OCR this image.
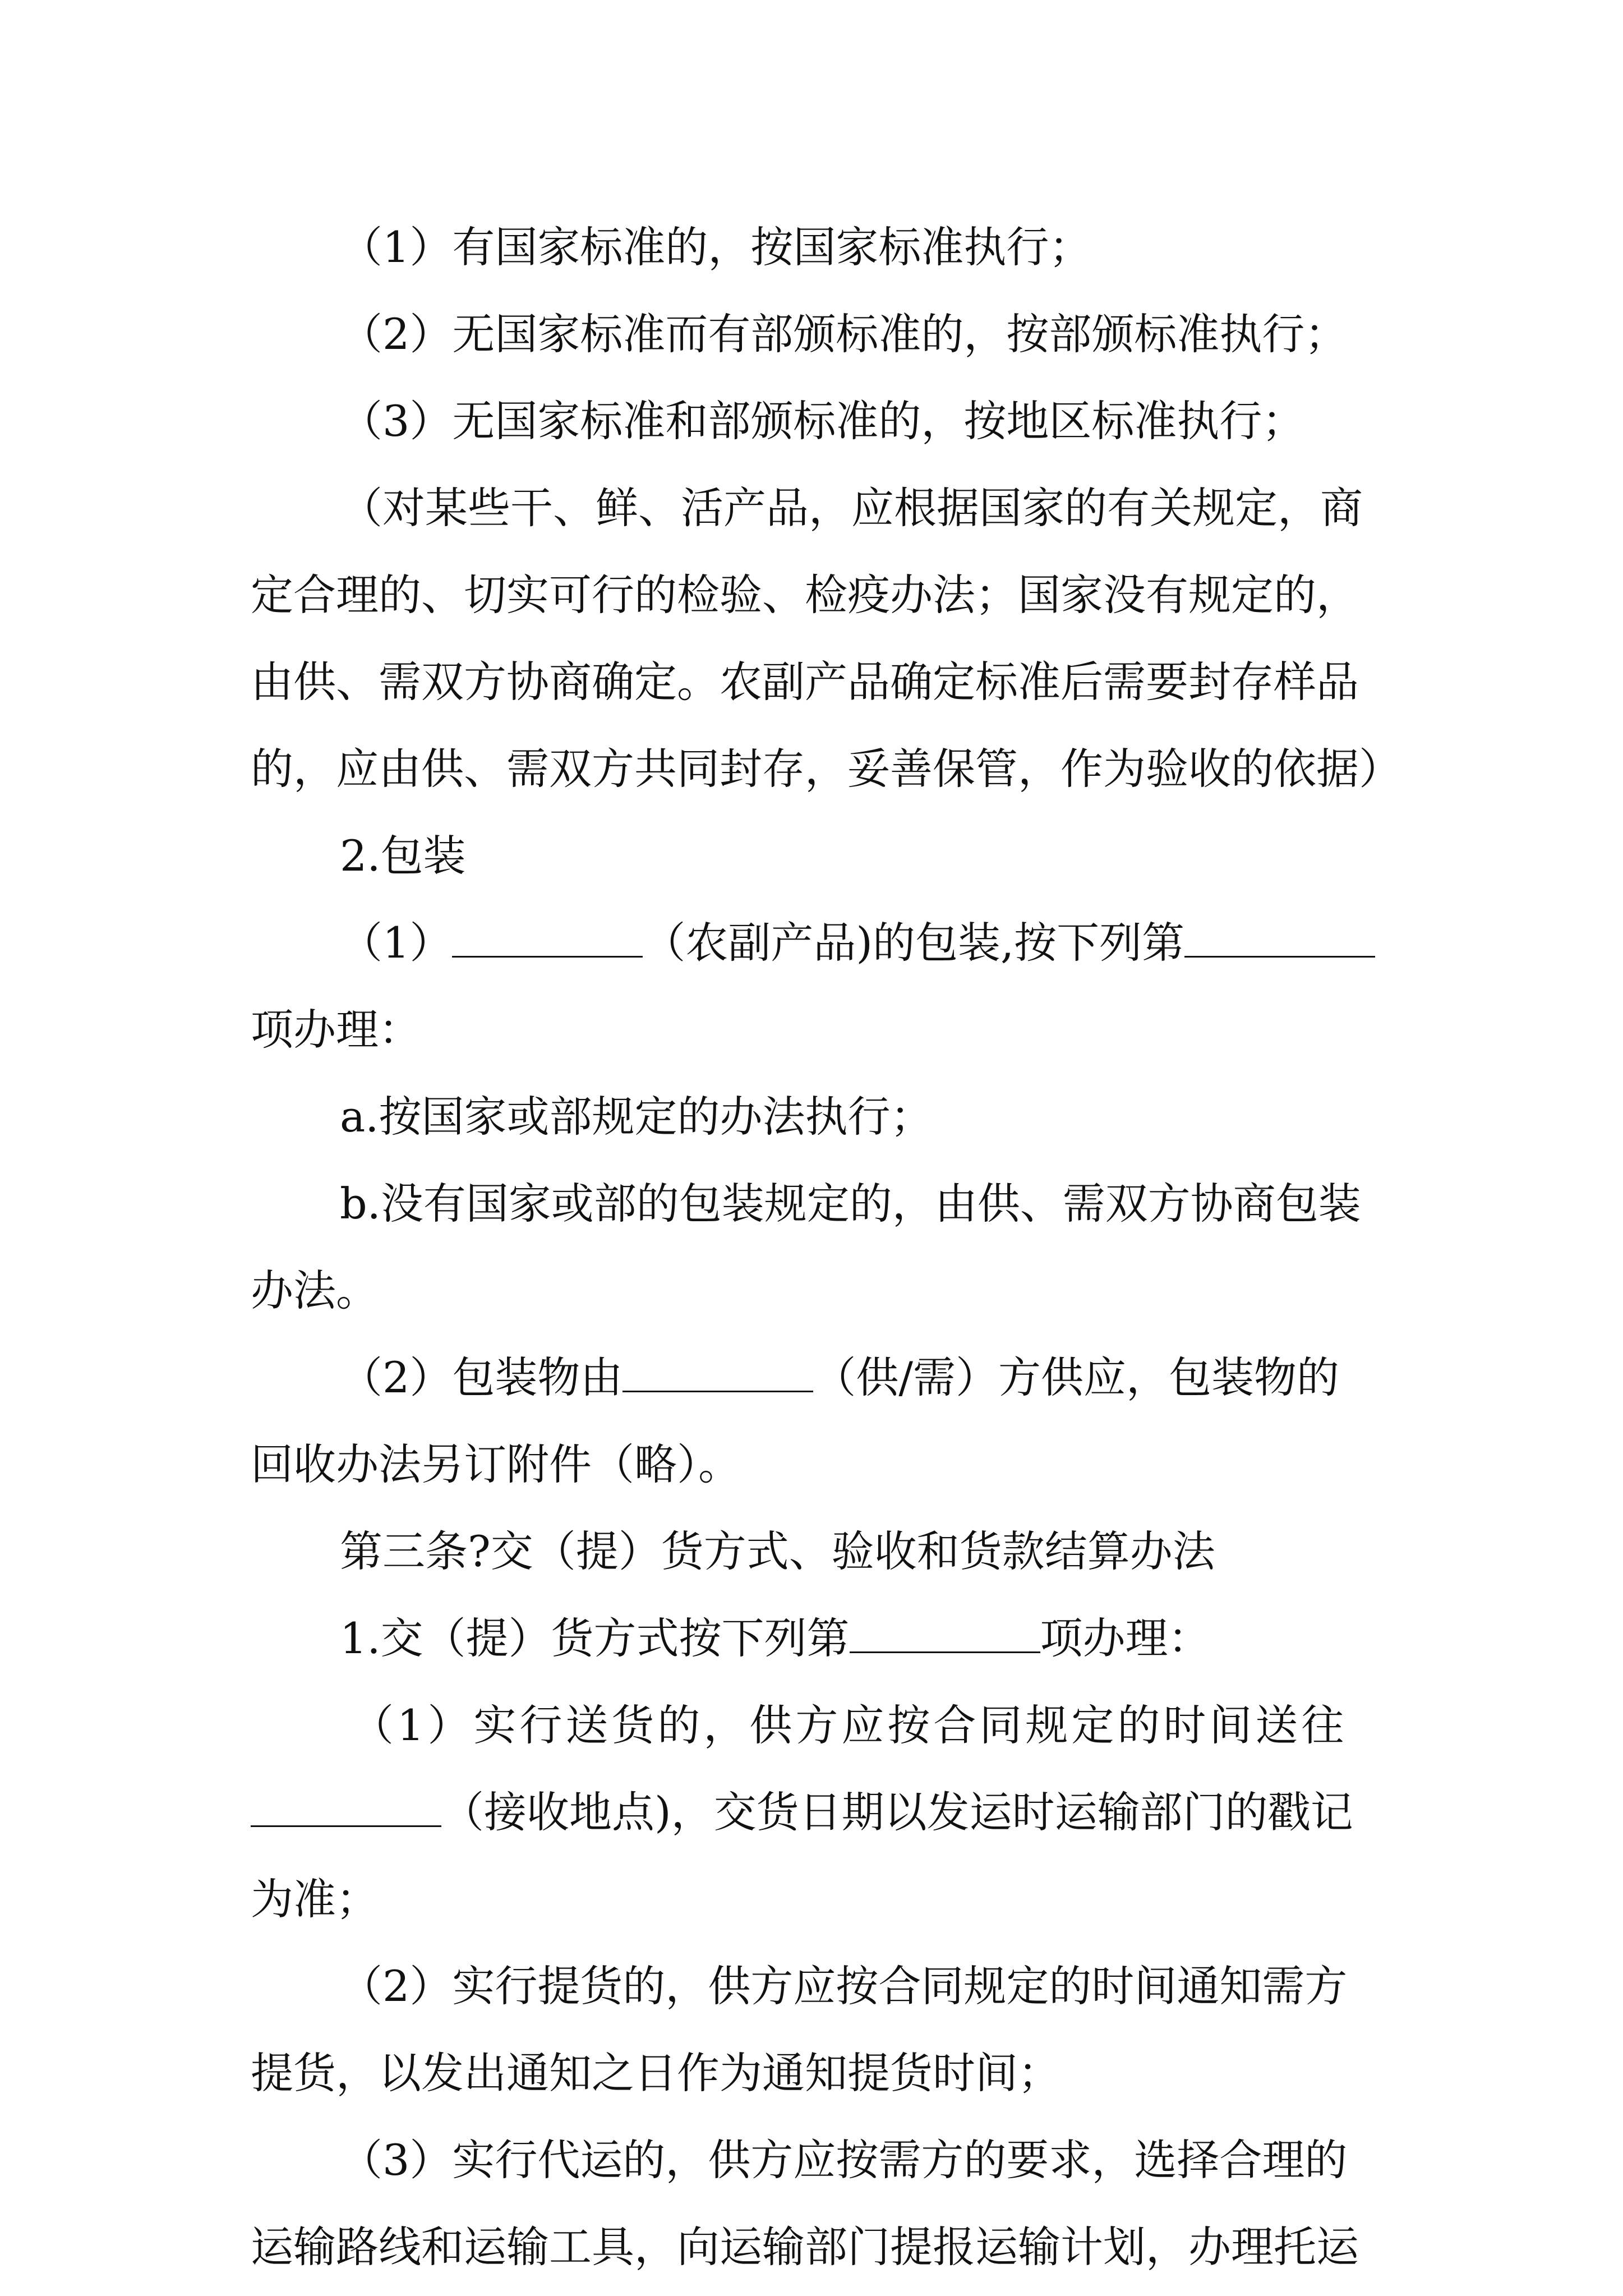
（1）有国家标准的，按国家标准执行；

（2）无国家标准而有部颁标准的，按部颁标准执行；

（3）无国家标准和部颁标准的，按地区标准执行；

（对某些干、鲜、活产品，应根据国家的有关规定，商

定合理的、切实可行的检验、检疫办法；国家没有规定的，

由供、需双方协商确定。农副产品确定标准后需要封存样品

的，应由供、需双方共同封存，妥善保管，作为验收的依据）

2.包装

（1）	（农副产品)的包装,按下列第

项办理：

a.按国家或部规定的办法执行；

b.没有国家或部的包装规定的，由供、需双方协商包装

办法。

（2）包装物由	（供/需）方供应，包装物的

回收办法另订附件（略）。

第三条?交（提）货方式、验收和货款结算办法

1.交（提）货方式按下列第	项办理：

（1）实行送货的，供方应按合同规定的时间送往

（接收地点)，交货日期以发运时运输部门的戳记

为准；

（2）实行提货的，供方应按合同规定的时间通知需方

提货，以发出通知之日作为通知提货时间；

（3）实行代运的，供方应按需方的要求，选择合理的

运输路线和运输工具，向运输部门提报运输计划，办理托运
